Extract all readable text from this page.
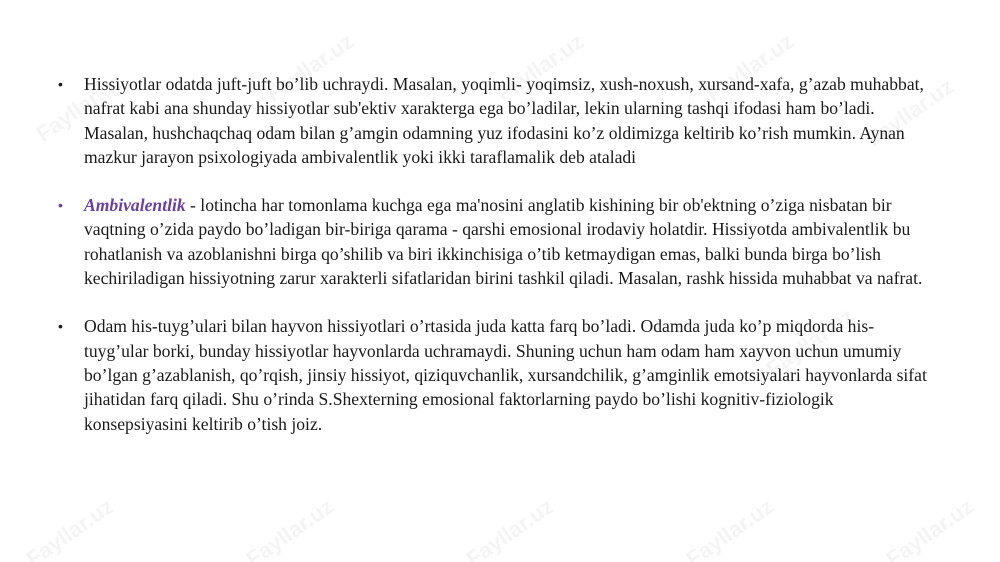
• Hissiyotlar odatda juft-juft bo’lib uchraydi. Masalan, yoqimli- yoqimsiz, xush-noxush, xursand-xafa, g’azab muhabbat, nafrat kabi ana shunday hissiyotlar sub'ektiv xarakterga ega bo’ladilar, lekin ularning tashqi ifodasi ham bo’ladi. Masalan, hushchaqchaq odam bilan g’amgin odamning yuz ifodasini ko’z oldimizga keltirib ko’rish mumkin. Aynan mazkur jarayon psixologiyada ambivalentlik yoki ikki taraflamalik deb ataladi
• Ambivalentlik - lotincha har tomonlama kuchga ega ma'nosini anglatib kishining bir ob'ektning o’ziga nisbatan bir vaqtning o’zida paydo bo’ladigan bir-biriga qarama - qarshi emosional irodaviy holatdir. Hissiyotda ambivalentlik bu rohatlanish va azoblanishni birga qo’shilib va biri ikkinchisiga o’tib ketmaydigan emas, balki bunda birga bo’lish kechiriladigan hissiyotning zarur xarakterli sifatlaridan birini tashkil qiladi. Masalan, rashk hissida muhabbat va nafrat.
• Odam his-tuyg’ulari bilan hayvon hissiyotlari o’rtasida juda katta farq bo’ladi. Odamda juda ko’p miqdorda his-tuyg’ular borki, bunday hissiyotlar hayvonlarda uchramaydi. Shuning uchun ham odam ham xayvon uchun umumiy bo’lgan g’azablanish, qo’rqish, jinsiy hissiyot, qiziquvchanlik, xursandchilik, g’amginlik emotsiyalari hayvonlarda sifat jihatidan farq qiladi. Shu o’rinda S.Shexterning emosional faktorlarning paydo bo’lishi kognitiv-fiziologik konsepsiyasini keltirib o’tish joiz.
